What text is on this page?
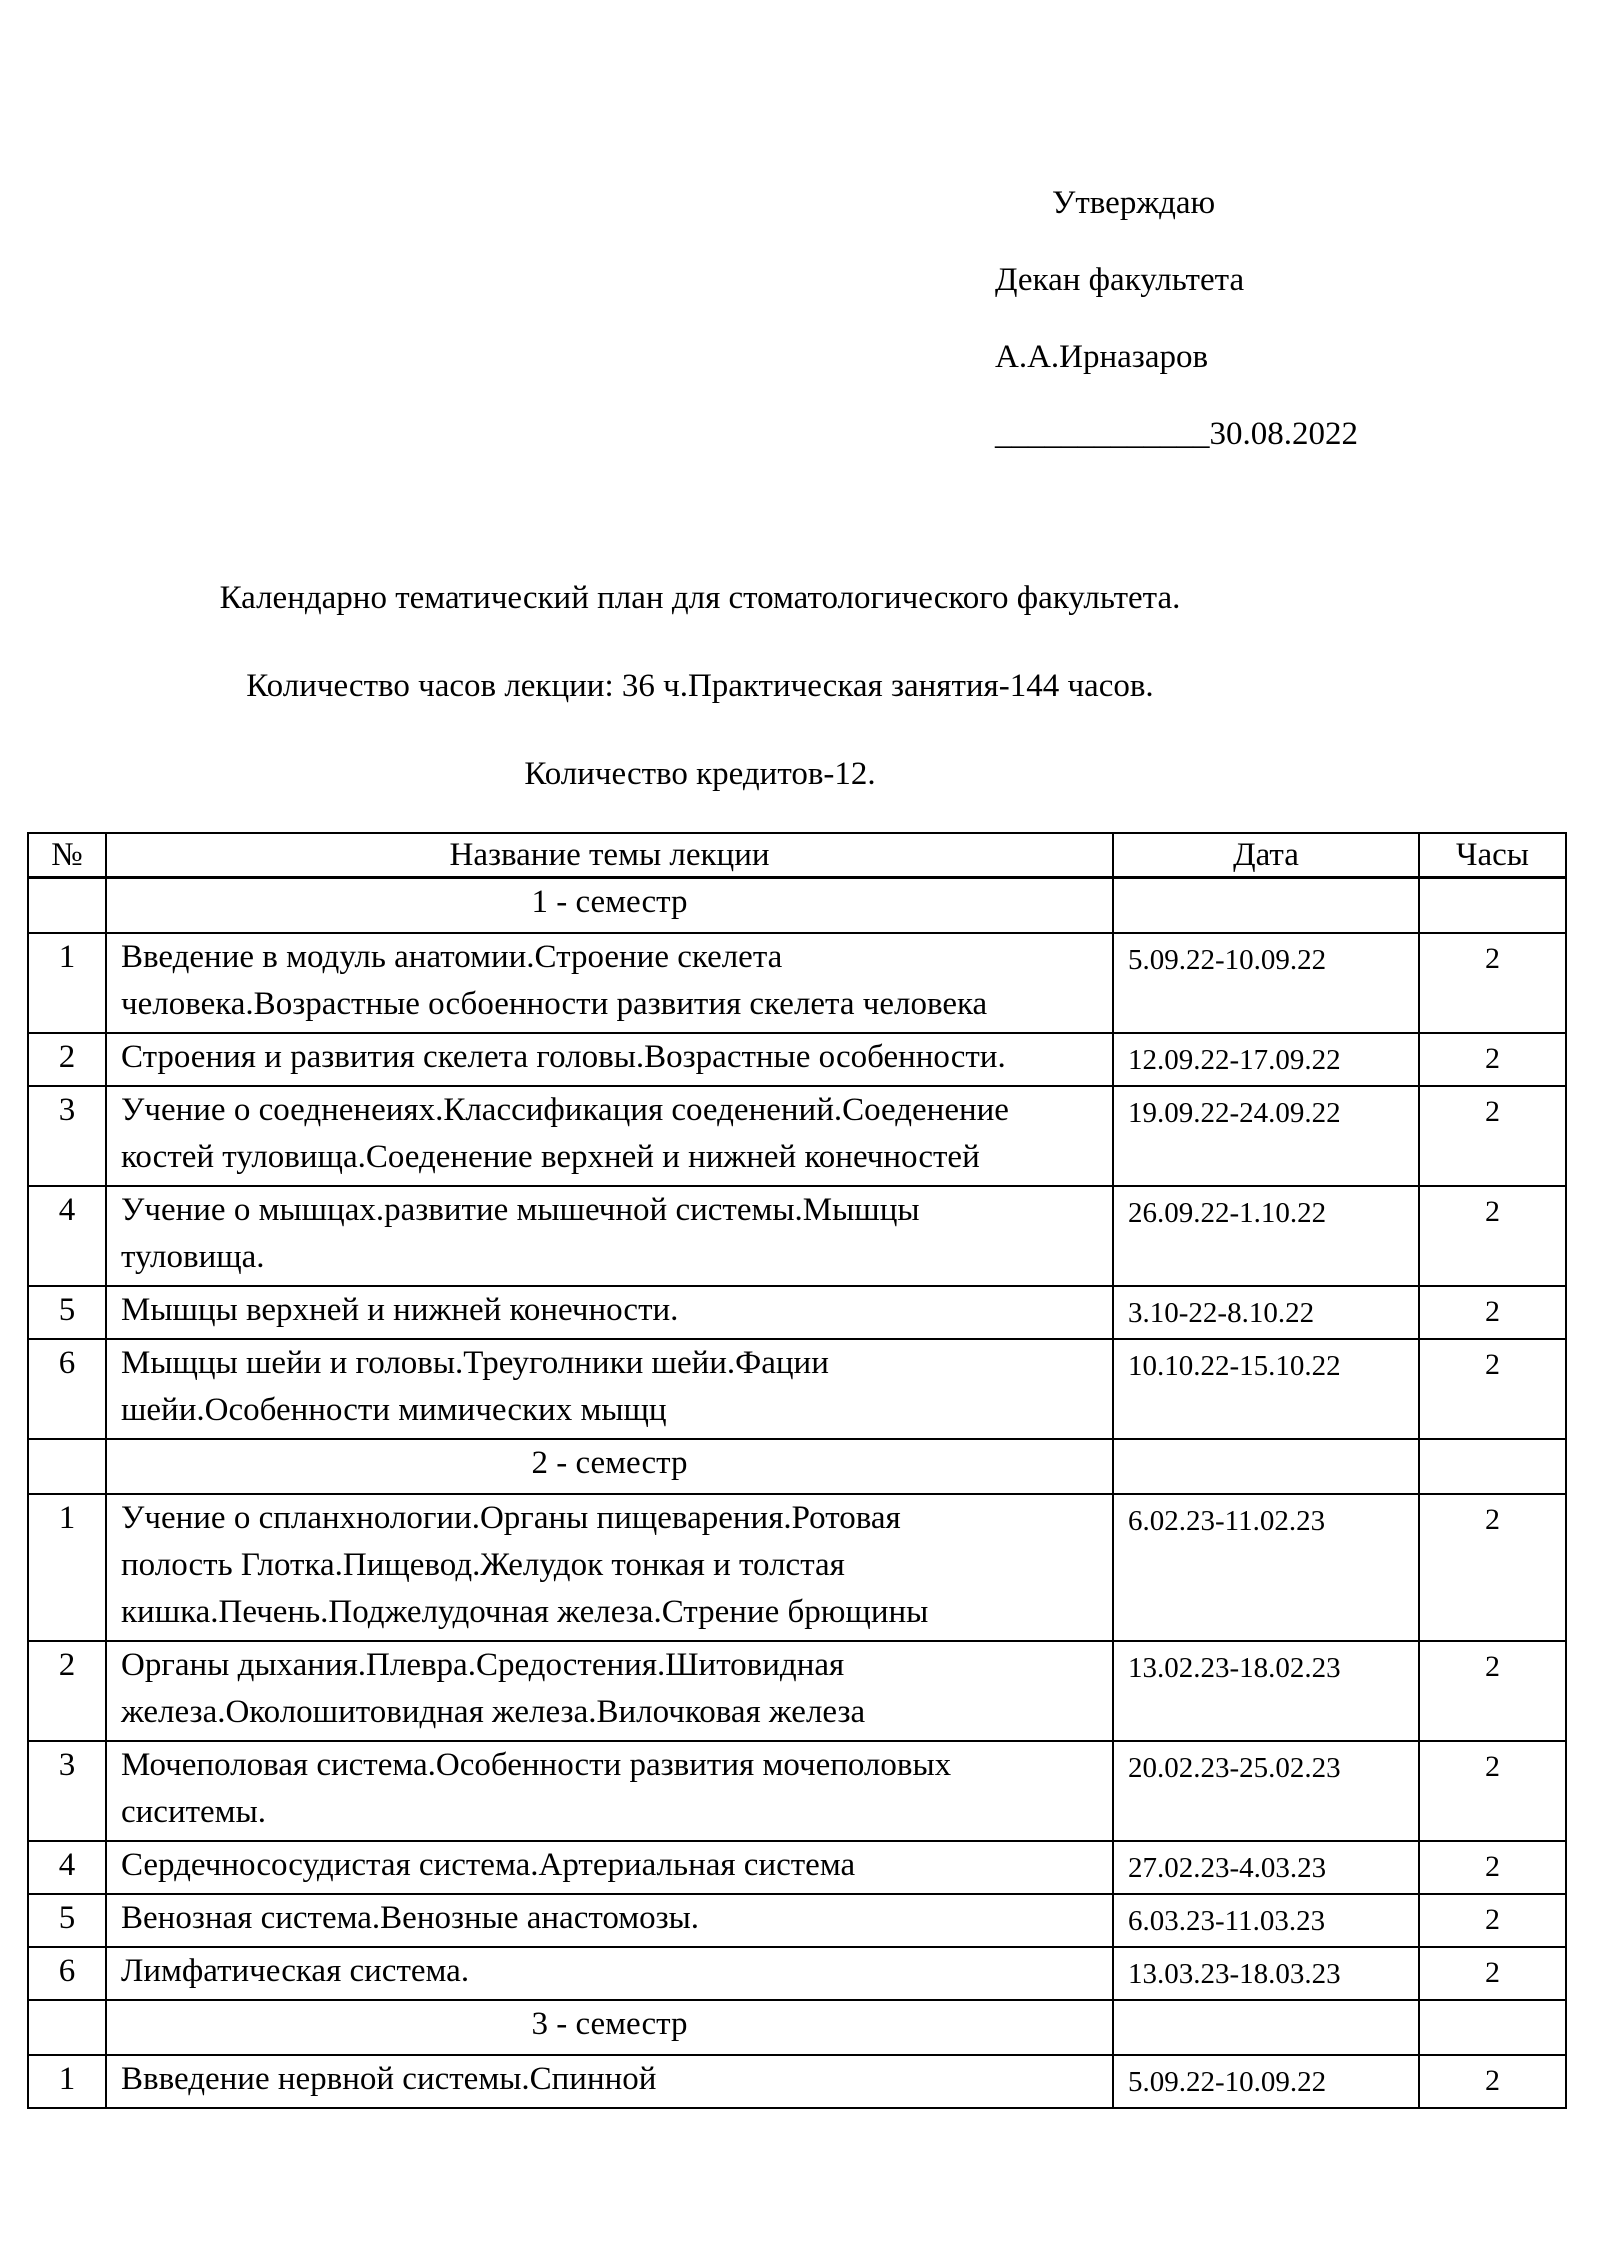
Утверждаю

Декан факультета

А.А.Ирназаров

_____________30.08.2022

Календарно тематический план для стоматологического факультета.

Количество часов лекции: 36 ч.Практическая занятия-144 часов.

Количество кредитов-12.

№	Название темы лекции	Дата	Часы
	1 - семестр		
1	Введение в модуль анатомии.Строение скелета человека.Возрастные осбоенности развития скелета человека	5.09.22-10.09.22	2
2	Строения и развития скелета головы.Возрастные особенности.	12.09.22-17.09.22	2
3	Учение о соедненеиях.Классификация соеденений.Соеденение костей туловища.Соеденение верхней и нижней конечностей	19.09.22-24.09.22	2
4	Учение о мышцах.развитие мышечной системы.Мышцы туловища.	26.09.22-1.10.22	2
5	Мышцы верхней и нижней конечности.	3.10-22-8.10.22	2
6	Мыщцы шейи и головы.Треуголники шейи.Фации шейи.Особенности мимических мыщц	10.10.22-15.10.22	2
	2 - семестр		
1	Учение о спланхнологии.Органы пищеварения.Ротовая полость Глотка.Пищевод.Желудок тонкая и толстая кишка.Печень.Поджелудочная железа.Стрение брющины	6.02.23-11.02.23	2
2	Органы дыхания.Плевра.Средостения.Шитовидная железа.Околошитовидная железа.Вилочковая железа	13.02.23-18.02.23	2
3	Мочеполовая система.Особенности развития мочеполовых сиситемы.	20.02.23-25.02.23	2
4	Сердечнососудистая система.Артериальная система	27.02.23-4.03.23	2
5	Венозная система.Венозные анастомозы.	6.03.23-11.03.23	2
6	Лимфатическая система.	13.03.23-18.03.23	2
	3 - семестр		
1	Ввведение нервной системы.Спинной	5.09.22-10.09.22	2
